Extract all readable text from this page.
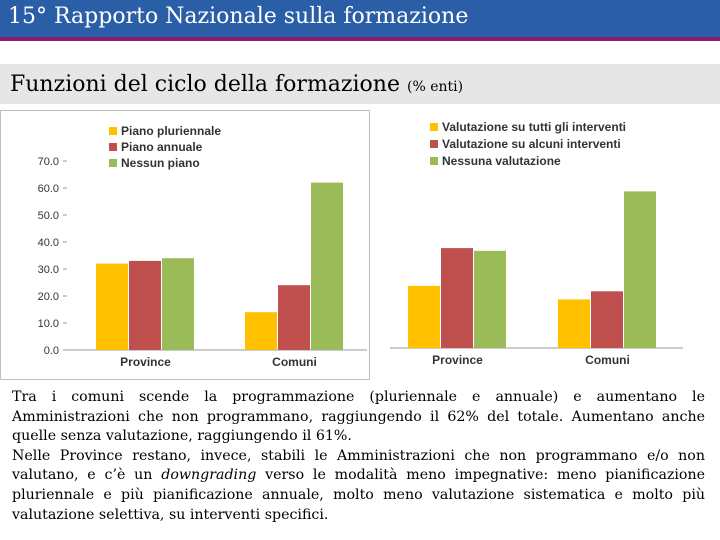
15° Rapporto Nazionale sulla formazione
Funzioni del ciclo della formazione (% enti)
Piano pluriennale
Piano annuale
Nessun piano
0.0
10.0
20.0
30.0
40.0
50.0
60.0
70.0
Province	Comuni
Valutazione su tutti gli interventi
Valutazione su alcuni interventi
Nessuna valutazione
Province	Comuni

Tra i comuni scende la programmazione (pluriennale e annuale) e aumentano le Amministrazioni che non programmano, raggiungendo il 62% del totale. Aumentano anche quelle senza valutazione, raggiungendo il 61%.

Nelle Province restano, invece, stabili le Amministrazioni che non programmano e/o non valutano, e c’è un downgrading verso le modalità meno impegnative: meno pianificazione pluriennale e più pianificazione annuale, molto meno valutazione sistematica e molto più valutazione selettiva, su interventi specifici.
